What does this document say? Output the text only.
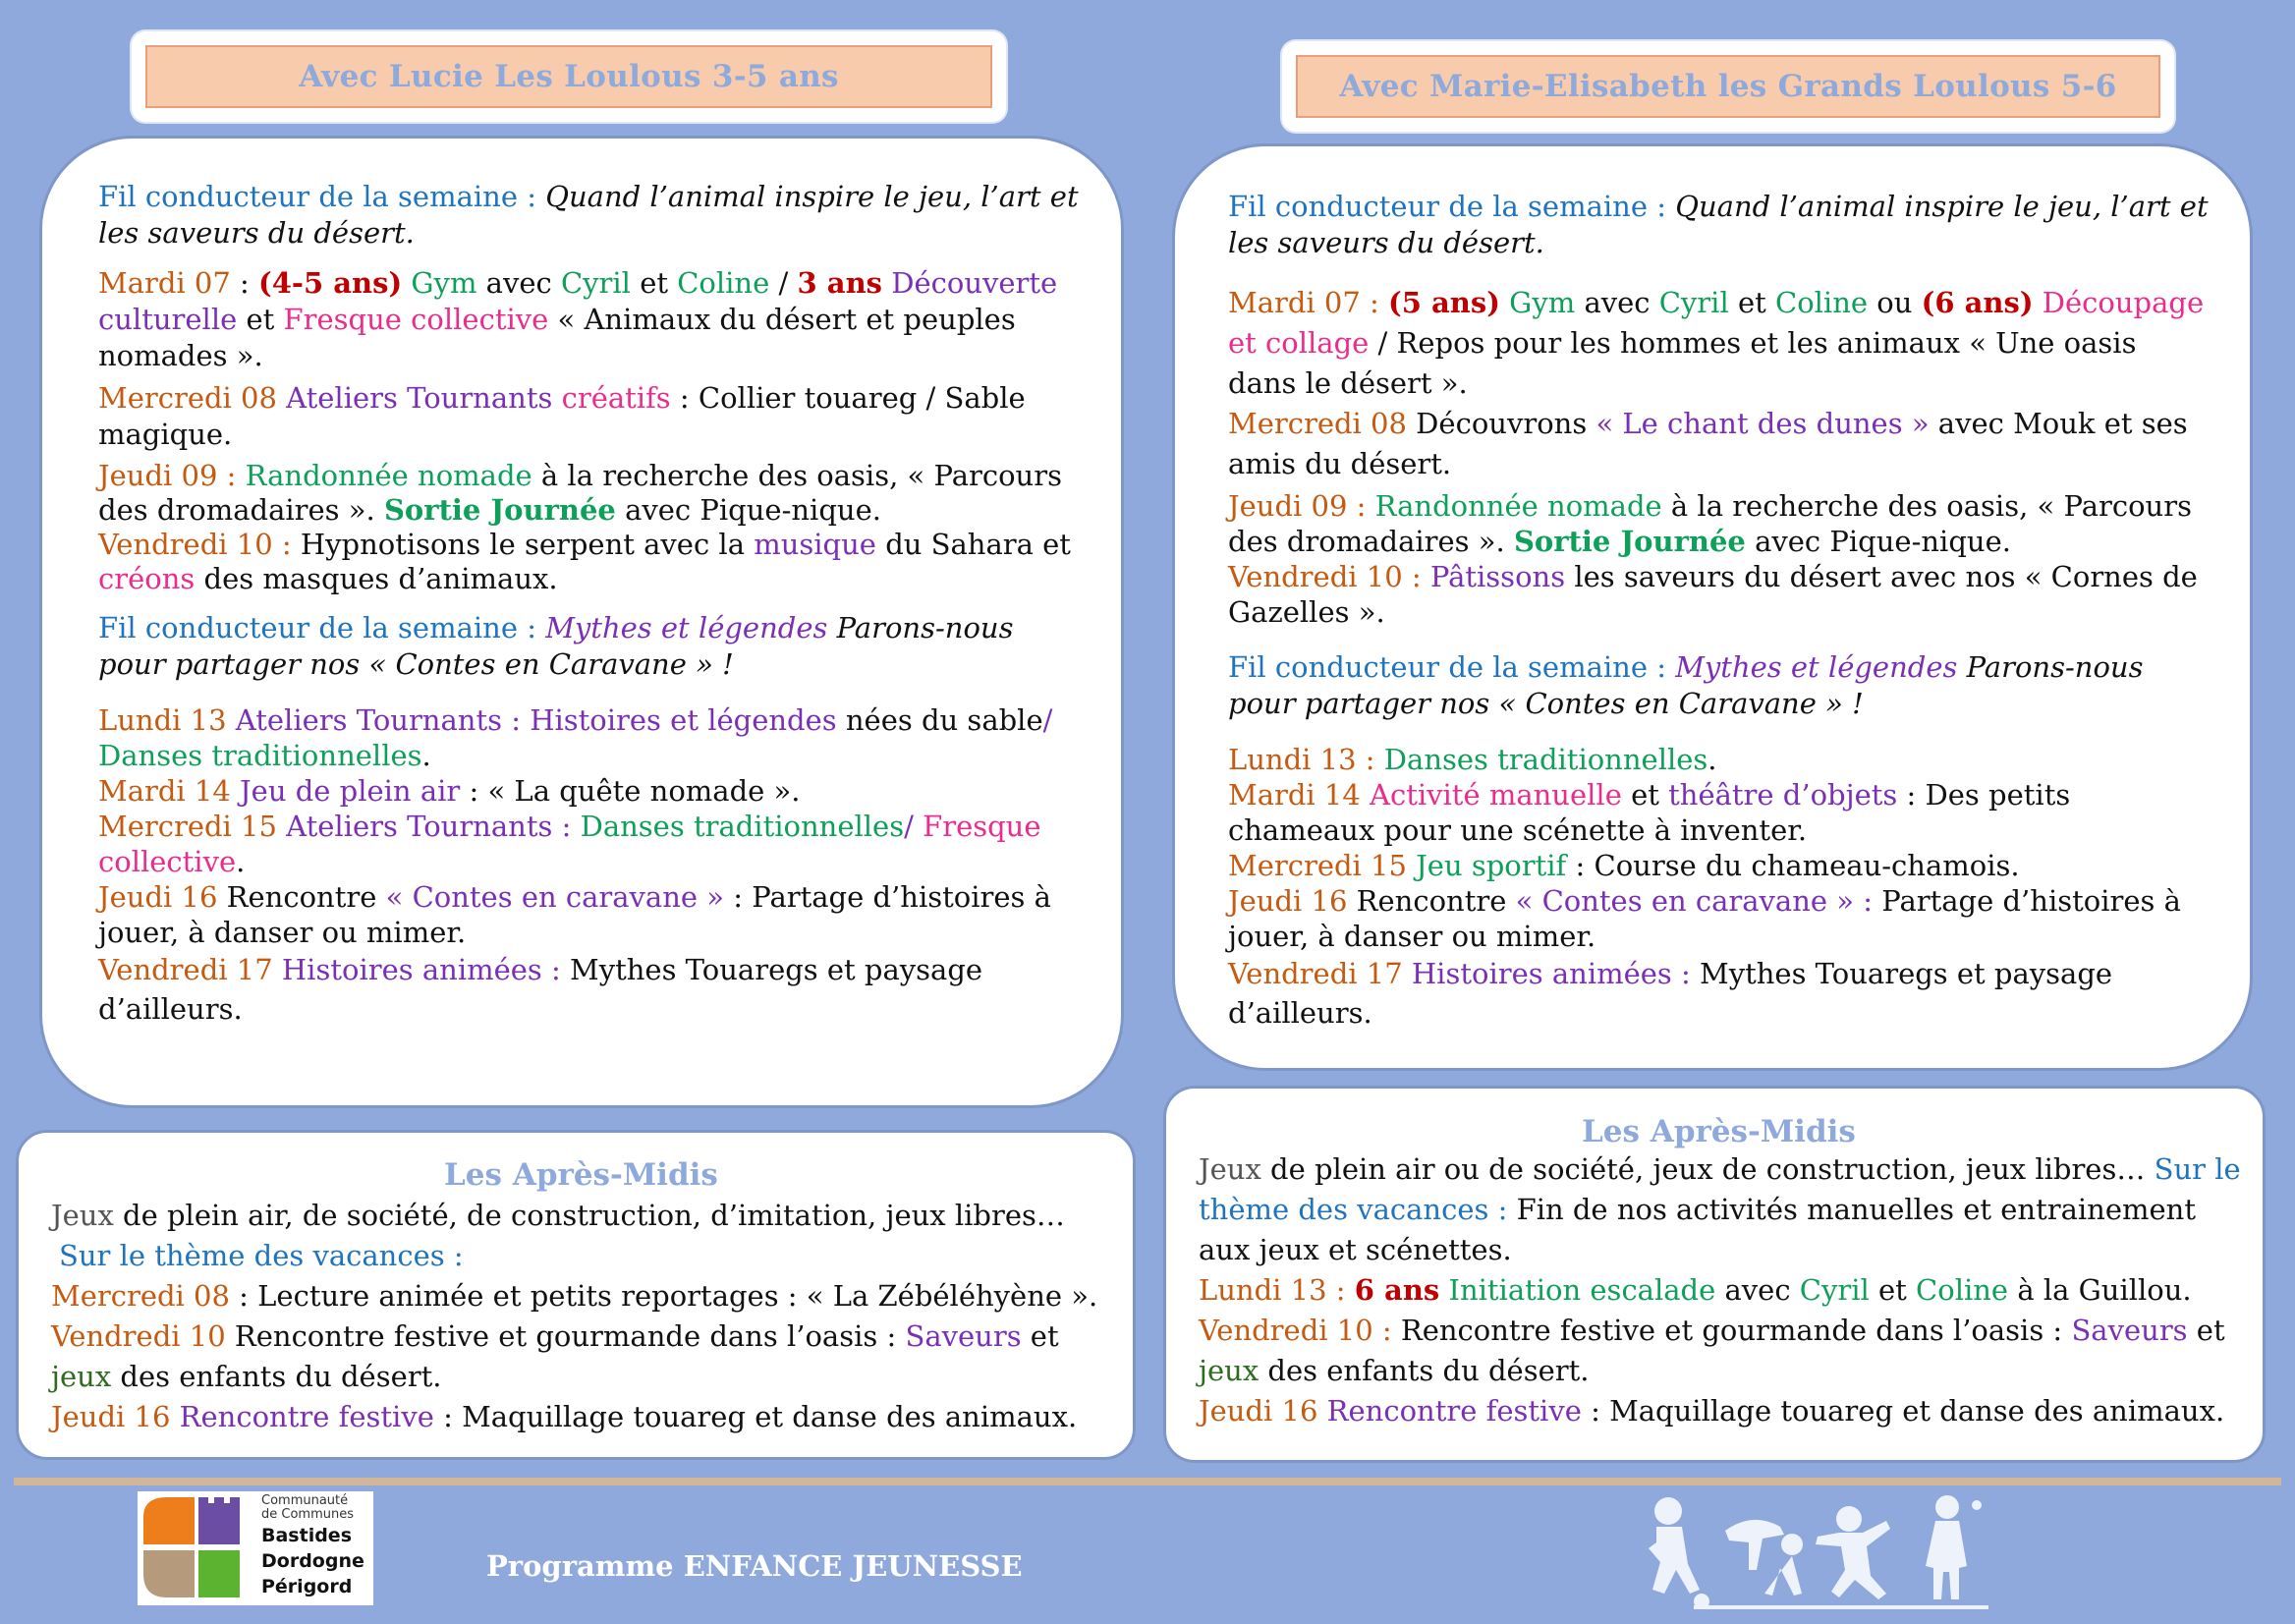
Avec Lucie Les Loulous 3-5 ans	Avec Marie-Elisabeth les Grands Loulous 5-6

Fil conducteur de la semaine : Quand l’animal inspire le jeu, l’art et les saveurs du désert.

Mardi 07 : (4-5 ans) Gym avec Cyril et Coline / 3 ans Découverte culturelle et Fresque collective « Animaux du désert et peuples nomades ».

Mercredi 08 Ateliers Tournants créatifs : Collier touareg / Sable magique.

Jeudi 09 : Randonnée nomade à la recherche des oasis, « Parcours des dromadaires ». Sortie Journée avec Pique-nique.

Vendredi 10 : Hypnotisons le serpent avec la musique du Sahara et créons des masques d’animaux.

Fil conducteur de la semaine : Mythes et légendes Parons-nous pour partager nos « Contes en Caravane » !

Lundi 13 Ateliers Tournants : Histoires et légendes nées du sable/ Danses traditionnelles.

Mardi 14 Jeu de plein air : « La quête nomade ».

Mercredi 15 Ateliers Tournants : Danses traditionnelles/ Fresque collective.

Jeudi 16 Rencontre « Contes en caravane » : Partage d’histoires à jouer, à danser ou mimer.

Vendredi 17 Histoires animées : Mythes Touaregs et paysage d’ailleurs.

Fil conducteur de la semaine : Quand l’animal inspire le jeu, l’art et les saveurs du désert.

Mardi 07 : (5 ans) Gym avec Cyril et Coline ou (6 ans) Découpage et collage / Repos pour les hommes et les animaux « Une oasis dans le désert ».

Mercredi 08 Découvrons « Le chant des dunes » avec Mouk et ses amis du désert.

Jeudi 09 : Randonnée nomade à la recherche des oasis, « Parcours des dromadaires ». Sortie Journée avec Pique-nique.

Vendredi 10 : Pâtissons les saveurs du désert avec nos « Cornes de Gazelles ».

Fil conducteur de la semaine : Mythes et légendes Parons-nous pour partager nos « Contes en Caravane » !

Lundi 13 : Danses traditionnelles.

Mardi 14 Activité manuelle et théâtre d’objets : Des petits chameaux pour une scénette à inventer.

Mercredi 15 Jeu sportif : Course du chameau-chamois.

Jeudi 16 Rencontre « Contes en caravane » : Partage d’histoires à jouer, à danser ou mimer.

Vendredi 17 Histoires animées : Mythes Touaregs et paysage d’ailleurs.

Les Après-Midis

Jeux de plein air, de société, de construction, d’imitation, jeux libres…

Sur le thème des vacances :

Mercredi 08 : Lecture animée et petits reportages : « La Zébéléhyène ».

Vendredi 10 Rencontre festive et gourmande dans l’oasis : Saveurs et jeux des enfants du désert.

Jeudi 16 Rencontre festive : Maquillage touareg et danse des animaux.

Les Après-Midis

Jeux de plein air ou de société, jeux de construction, jeux libres… Sur le thème des vacances : Fin de nos activités manuelles et entrainement aux jeux et scénettes.

Lundi 13 : 6 ans Initiation escalade avec Cyril et Coline à la Guillou.

Vendredi 10 : Rencontre festive et gourmande dans l’oasis : Saveurs et jeux des enfants du désert.

Jeudi 16 Rencontre festive : Maquillage touareg et danse des animaux.

Communauté
de Communes
Bastides
Dordogne
Périgord
Programme ENFANCE JEUNESSE
